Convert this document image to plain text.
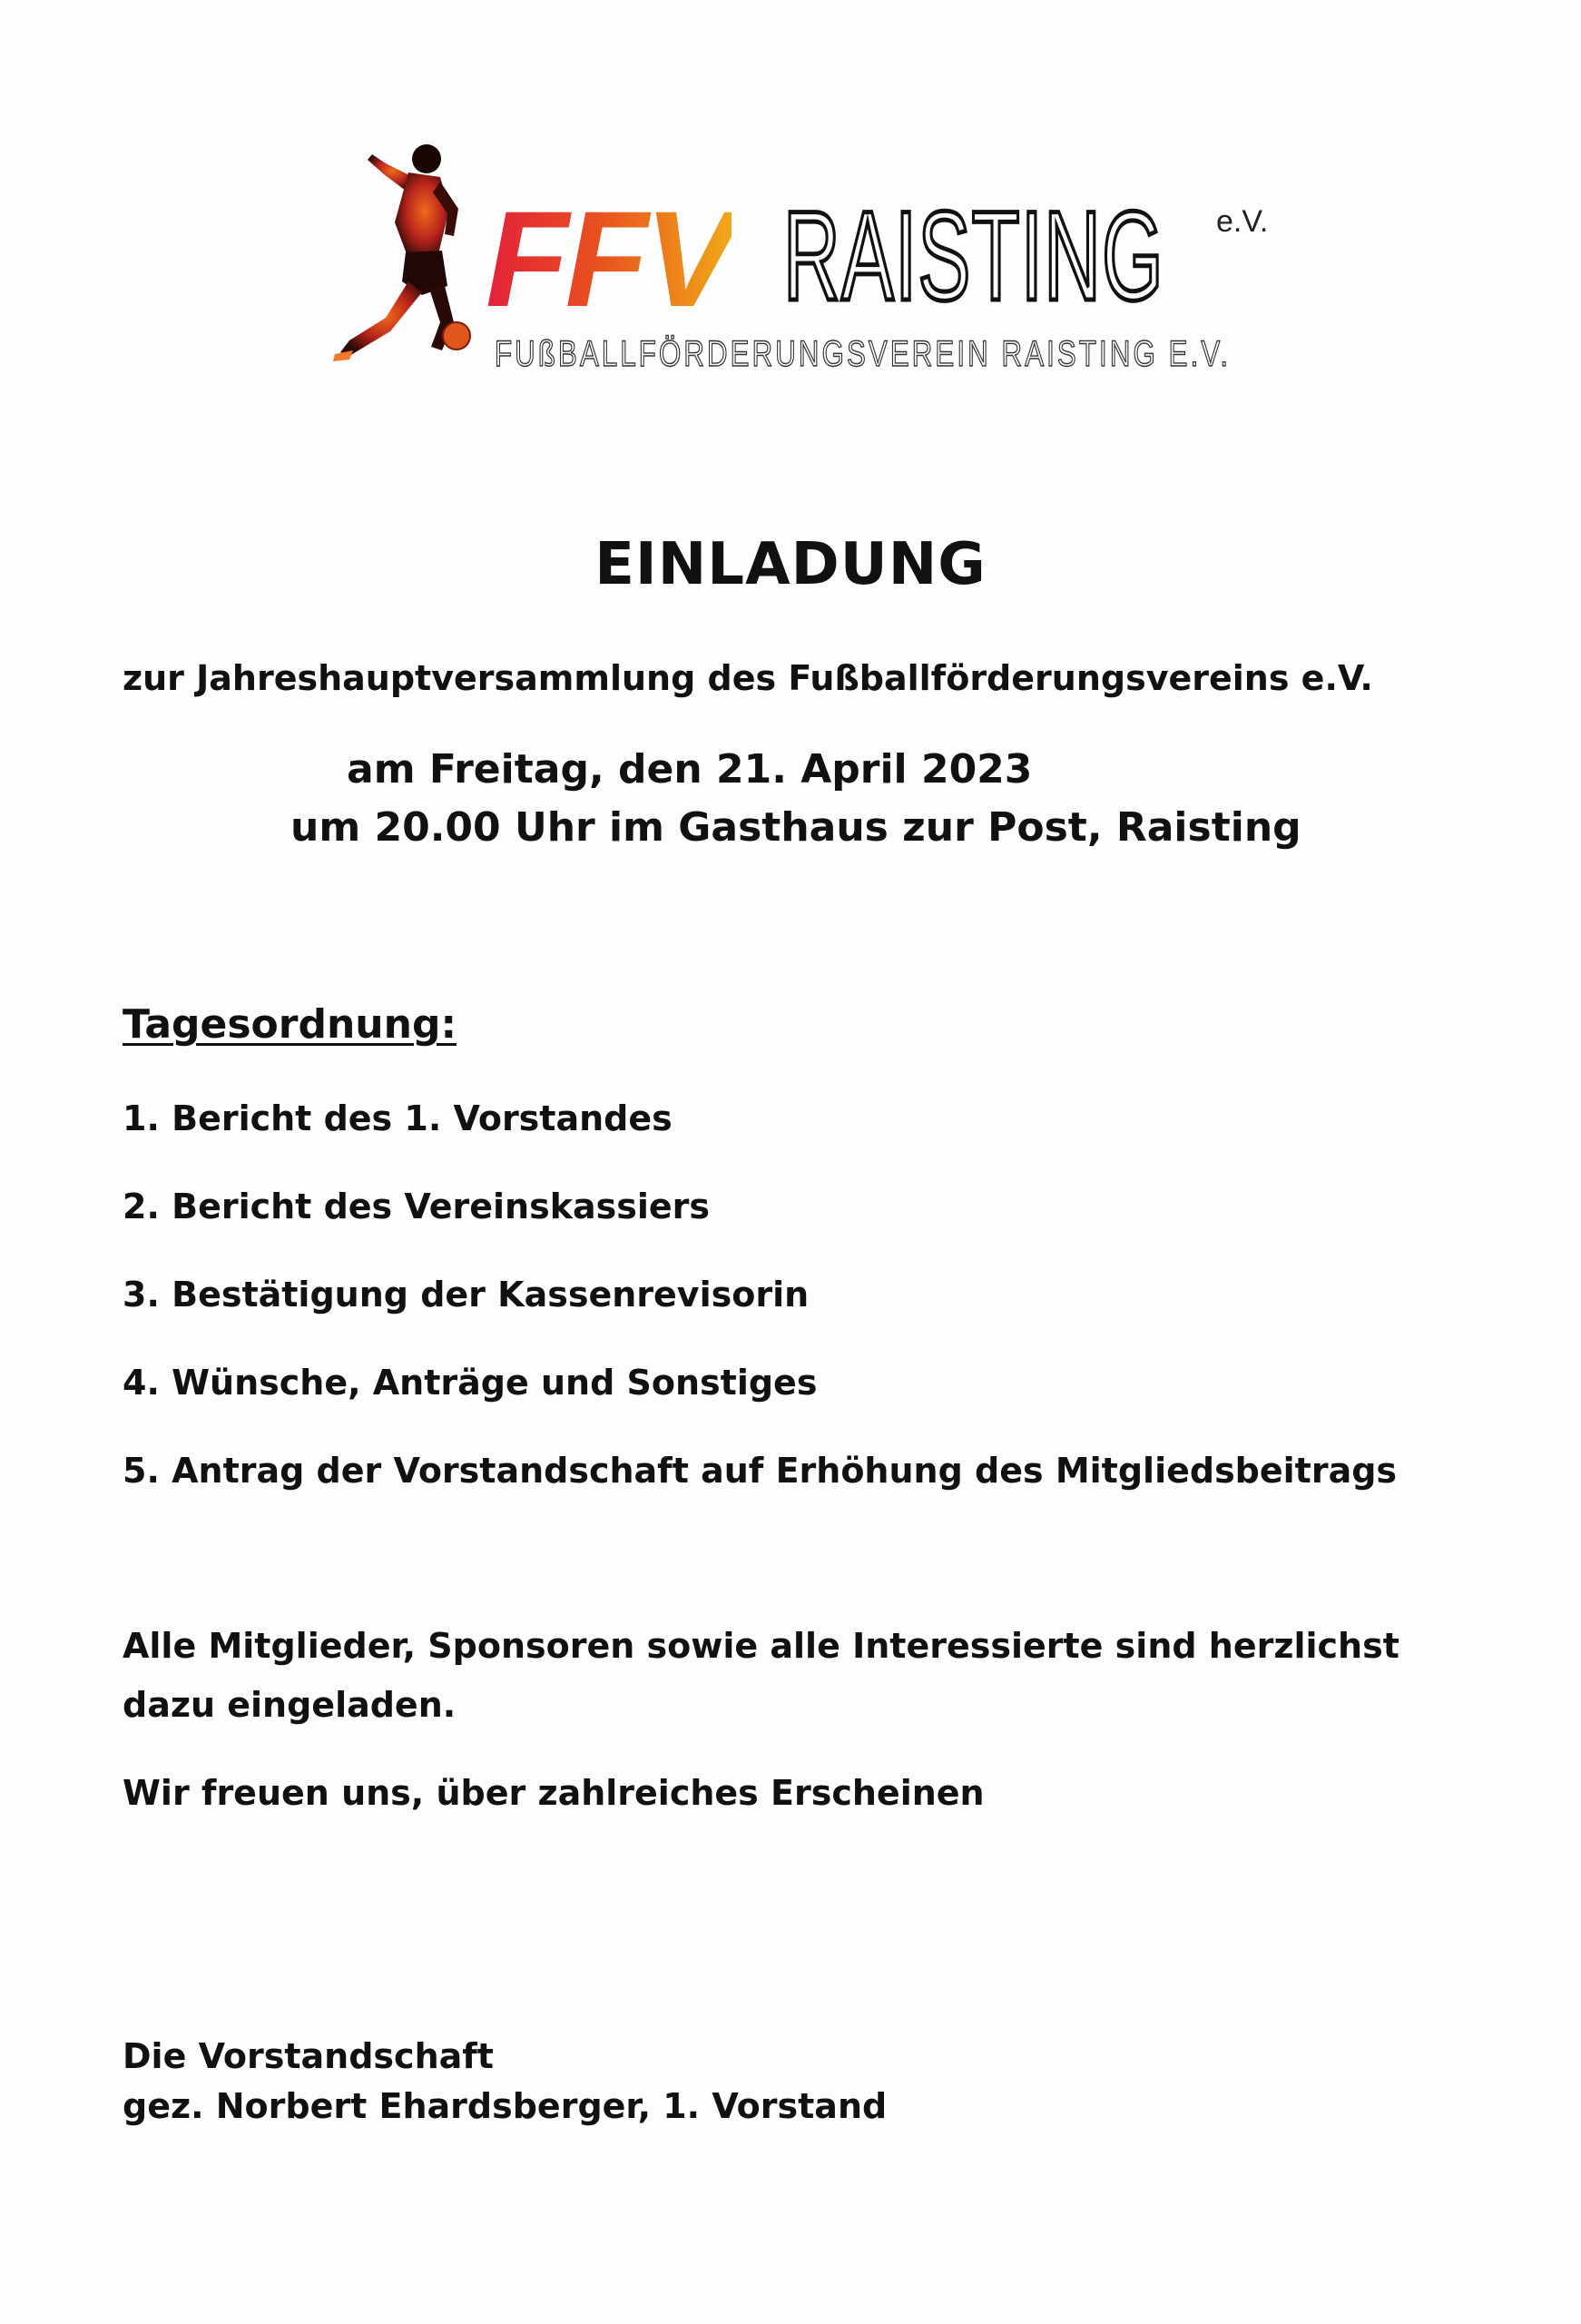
FFV RAISTING e.V.
FUßBALLFÖRDERUNGSVEREIN RAISTING E.V.
EINLADUNG
zur Jahreshauptversammlung des Fußballförderungsvereins e.V.
am Freitag, den 21. April 2023
um 20.00 Uhr im Gasthaus zur Post, Raisting
Tagesordnung:
1. Bericht des 1. Vorstandes
2. Bericht des Vereinskassiers
3. Bestätigung der Kassenrevisorin
4. Wünsche, Anträge und Sonstiges
5. Antrag der Vorstandschaft auf Erhöhung des Mitgliedsbeitrags
Alle Mitglieder, Sponsoren sowie alle Interessierte sind herzlichst
dazu eingeladen.
Wir freuen uns, über zahlreiches Erscheinen
Die Vorstandschaft
gez. Norbert Ehardsberger, 1. Vorstand
